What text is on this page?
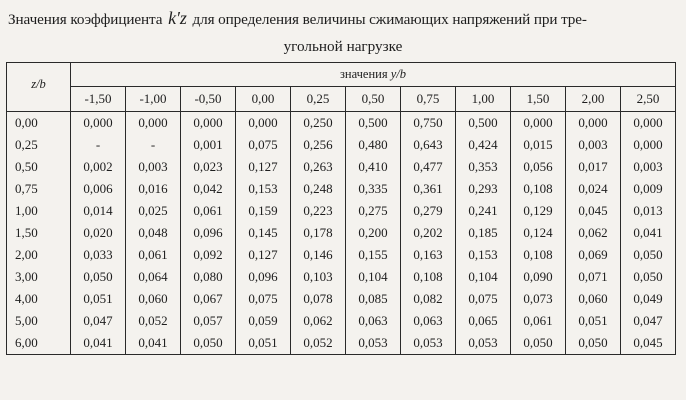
Значения коэффициента k′z для определения величины сжимающих напряжений при тре-
угольной нагрузке
z/b	значения y/b										
	-1,50	-1,00	-0,50	0,00	0,25	0,50	0,75	1,00	1,50	2,00	2,50
0,00	0,000	0,000	0,000	0,000	0,250	0,500	0,750	0,500	0,000	0,000	0,000
0,25	-	-	0,001	0,075	0,256	0,480	0,643	0,424	0,015	0,003	0,000
0,50	0,002	0,003	0,023	0,127	0,263	0,410	0,477	0,353	0,056	0,017	0,003
0,75	0,006	0,016	0,042	0,153	0,248	0,335	0,361	0,293	0,108	0,024	0,009
1,00	0,014	0,025	0,061	0,159	0,223	0,275	0,279	0,241	0,129	0,045	0,013
1,50	0,020	0,048	0,096	0,145	0,178	0,200	0,202	0,185	0,124	0,062	0,041
2,00	0,033	0,061	0,092	0,127	0,146	0,155	0,163	0,153	0,108	0,069	0,050
3,00	0,050	0,064	0,080	0,096	0,103	0,104	0,108	0,104	0,090	0,071	0,050
4,00	0,051	0,060	0,067	0,075	0,078	0,085	0,082	0,075	0,073	0,060	0,049
5,00	0,047	0,052	0,057	0,059	0,062	0,063	0,063	0,065	0,061	0,051	0,047
6,00	0,041	0,041	0,050	0,051	0,052	0,053	0,053	0,053	0,050	0,050	0,045
